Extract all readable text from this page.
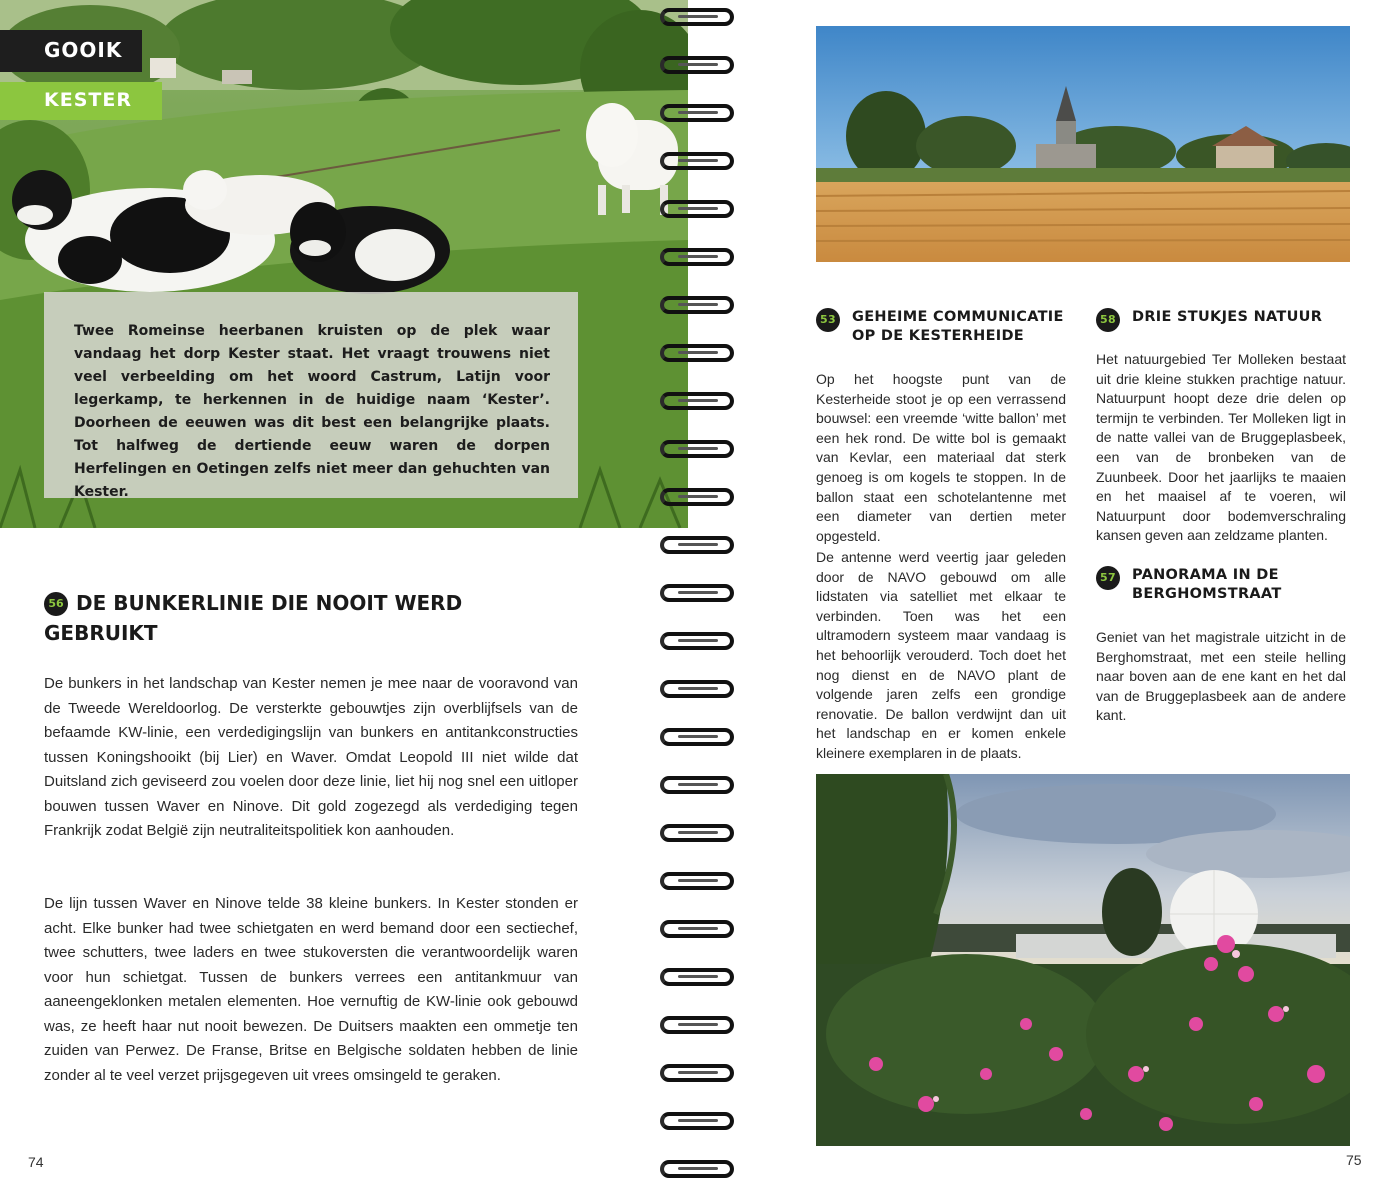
GOOIK
KESTER
Twee Romeinse heerbanen kruisten op de plek waar vandaag het dorp Kester staat. Het vraagt trouwens niet veel verbeelding om het woord Castrum, Latijn voor legerkamp, te herkennen in de huidige naam ‘Kester’. Doorheen de eeuwen was dit best een belangrijke plaats. Tot halfweg de dertiende eeuw waren de dorpen Herfelingen en Oetingen zelfs niet meer dan gehuchten van Kester.
56 DE BUNKERLINIE DIE NOOIT WERD GEBRUIKT

De bunkers in het landschap van Kester nemen je mee naar de vooravond van de Tweede Wereldoorlog. De versterkte gebouwtjes zijn overblijfsels van de befaamde KW-linie, een verdedigingslijn van bunkers en antitankconstructies tussen Koningshooikt (bij Lier) en Waver. Omdat Leopold III niet wilde dat Duitsland zich geviseerd zou voelen door deze linie, liet hij nog snel een uitloper bouwen tussen Waver en Ninove. Dit gold zogezegd als verdediging tegen Frankrijk zodat België zijn neutraliteitspolitiek kon aanhouden.

De lijn tussen Waver en Ninove telde 38 kleine bunkers. In Kester stonden er acht. Elke bunker had twee schietgaten en werd bemand door een sectiechef, twee schutters, twee laders en twee stukoversten die verantwoordelijk waren voor hun schietgat. Tussen de bunkers verrees een antitankmuur van aaneengeklonken metalen elementen. Hoe vernuftig de KW-linie ook gebouwd was, ze heeft haar nut nooit bewezen. De Duitsers maakten een ommetje ten zuiden van Perwez. De Franse, Britse en Belgische soldaten hebben de linie zonder al te veel verzet prijsgegeven uit vrees omsingeld te geraken.

74
53	GEHEIME COMMUNICATIE
OP DE KESTERHEIDE

Op het hoogste punt van de Kesterheide stoot je op een verrassend bouwsel: een vreemde ‘witte ballon’ met een hek rond. De witte bol is gemaakt van Kevlar, een materiaal dat sterk genoeg is om kogels te stoppen. In de ballon staat een schotelantenne met een diameter van dertien meter opgesteld.

De antenne werd veertig jaar geleden door de NAVO gebouwd om alle lidstaten via satelliet met elkaar te verbinden. Toen was het een ultramodern systeem maar vandaag is het behoorlijk verouderd. Toch doet het nog dienst en de NAVO plant de volgende jaren zelfs een grondige renovatie. De ballon verdwijnt dan uit het landschap en er komen enkele kleinere exemplaren in de plaats.

58	DRIE STUKJES NATUUR

Het natuurgebied Ter Molleken bestaat uit drie kleine stukken prachtige natuur. Natuurpunt hoopt deze drie delen op termijn te verbinden. Ter Molleken ligt in de natte vallei van de Bruggeplasbeek, een van de bronbeken van de Zuunbeek. Door het jaarlijks te maaien en het maaisel af te voeren, wil Natuurpunt door bodemverschraling kansen geven aan zeldzame planten.

57	PANORAMA IN DE
BERGHOMSTRAAT

Geniet van het magistrale uitzicht in de Berghomstraat, met een steile helling naar boven aan de ene kant en het dal van de Bruggeplasbeek aan de andere kant.

75
